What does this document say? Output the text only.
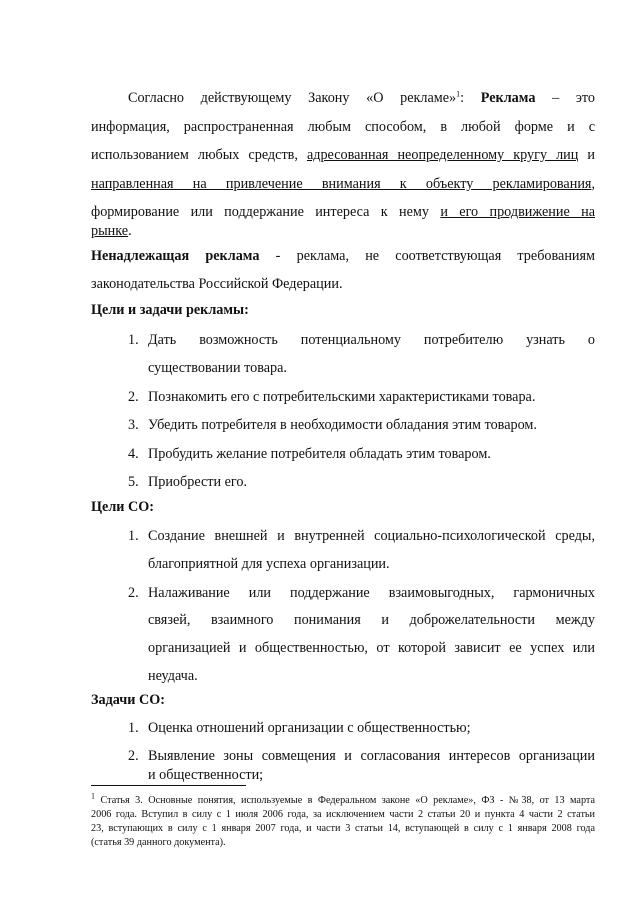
Согласно действующему Закону «О рекламе»$^1$: Реклама – это
информация, распространенная любым способом, в любой форме и с
использованием любых средств, адресованная неопределенному кругу лиц и
направленная на привлечение внимания к объекту рекламирования,
формирование или поддержание интереса к нему и его продвижение на
рынке.
Ненадлежащая реклама - реклама, не соответствующая требованиям
законодательства Российской Федерации.
Цели и задачи рекламы:
1. Дать возможность потенциальному потребителю узнать о
существовании товара.
2. Познакомить его с потребительскими характеристиками товара.
3. Убедить потребителя в необходимости обладания этим товаром.
4. Пробудить желание потребителя обладать этим товаром.
5. Приобрести его.
Цели СО:
1. Создание внешней и внутренней социально-психологической среды,
благоприятной для успеха организации.
2. Налаживание или поддержание взаимовыгодных, гармоничных
связей, взаимного понимания и доброжелательности между
организацией и общественностью, от которой зависит ее успех или
неудача.
Задачи СО:
1. Оценка отношений организации с общественностью;
2. Выявление зоны совмещения и согласования интересов организации
и общественности;
$^1$ Статья 3. Основные понятия, используемые в Федеральном законе «О рекламе», ФЗ - №38, от 13 марта
2006 года. Вступил в силу с 1 июля 2006 года, за исключением части 2 статьи 20 и пункта 4 части 2 статьи
23, вступающих в силу с 1 января 2007 года, и части 3 статьи 14, вступающей в силу с 1 января 2008 года
(статья 39 данного документа).
